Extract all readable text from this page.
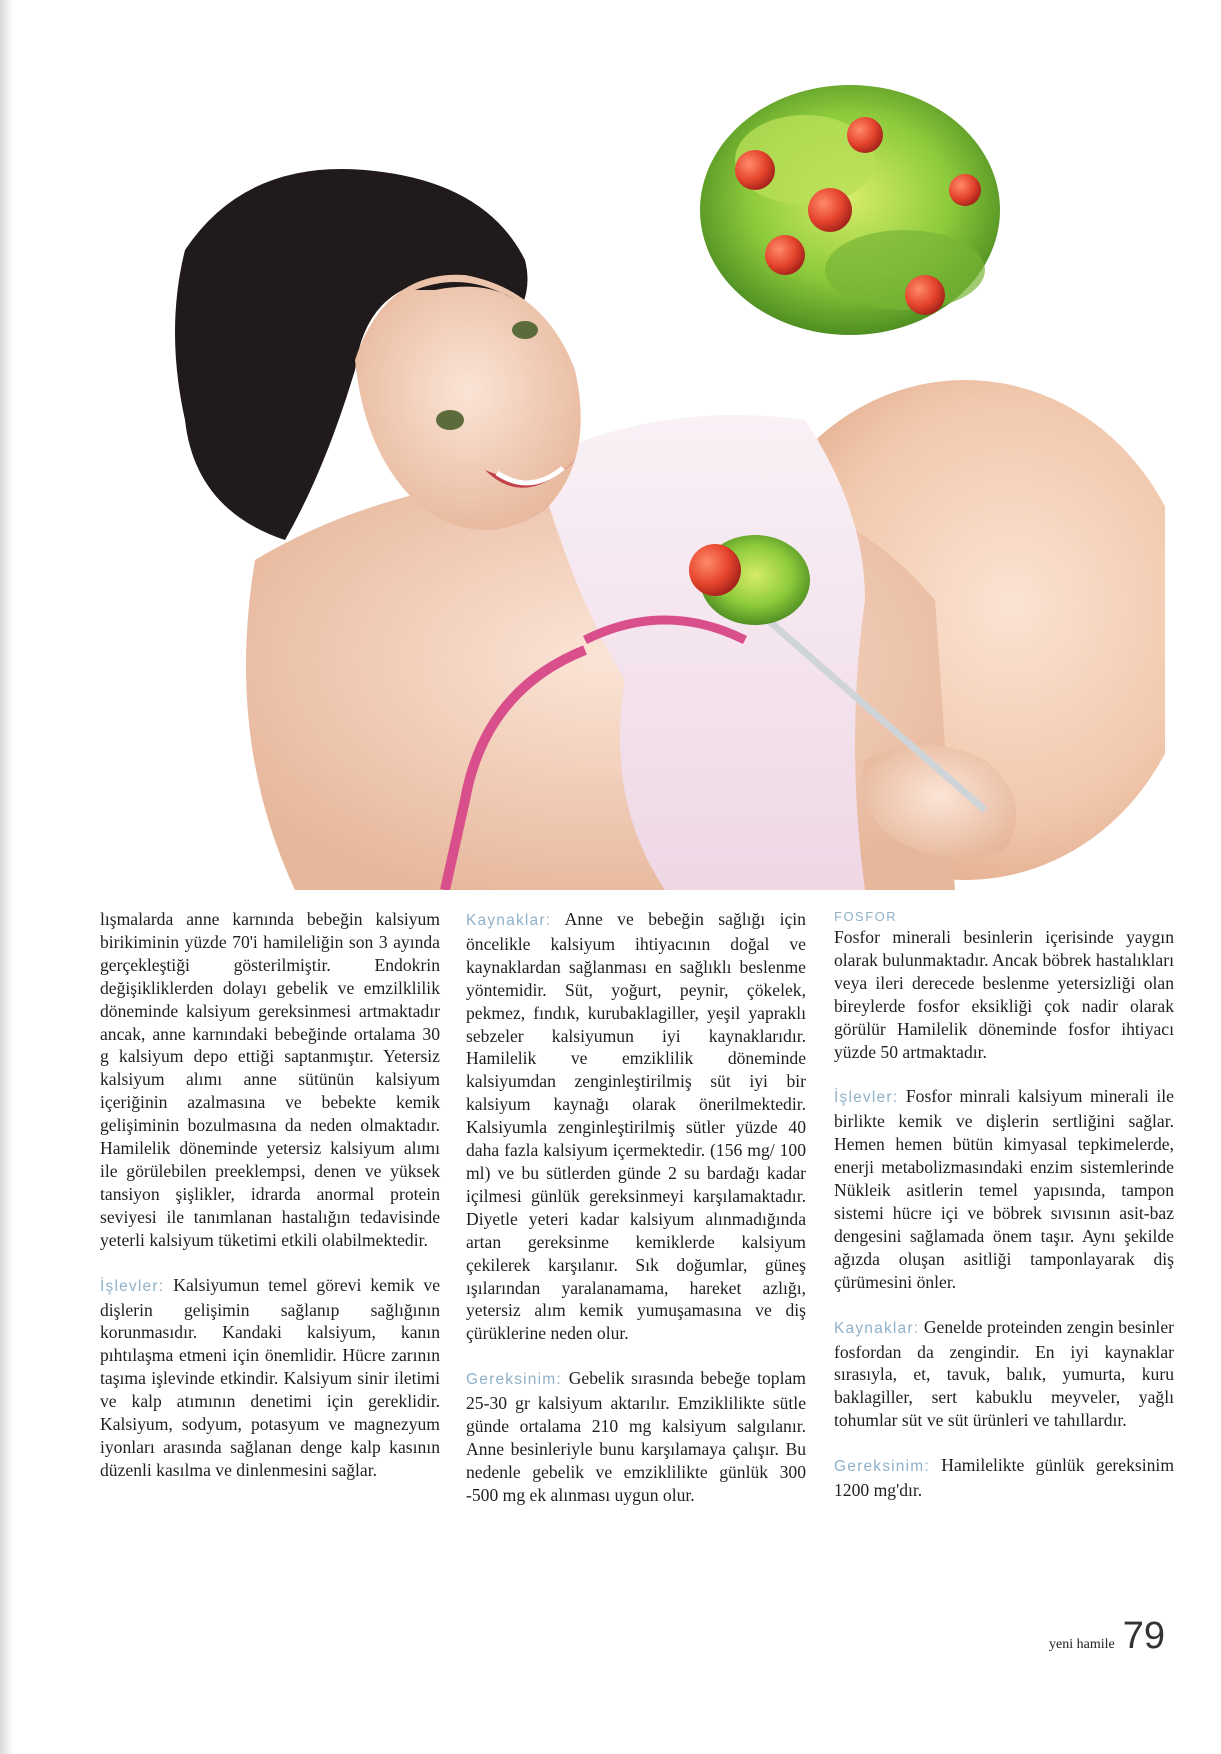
lışmalarda anne karnında bebeğin kalsiyum birikiminin yüzde 70'i hamileliğin son 3 ayında gerçekleştiği gösterilmiştir. Endokrin değişikliklerden dolayı gebelik ve emzilklilik döneminde kalsiyum gereksinmesi artmaktadır ancak, anne karnındaki bebeğinde ortalama 30 g kalsiyum depo ettiği saptanmıştır. Yetersiz kalsiyum alımı anne sütünün kalsiyum içeriğinin azalmasına ve bebekte kemik gelişiminin bozulmasına da neden olmaktadır. Hamilelik döneminde yetersiz kalsiyum alımı ile görülebilen preeklempsi, denen ve yüksek tansiyon şişlikler, idrarda anormal protein seviyesi ile tanımlanan hastalığın tedavisinde yeterli kalsiyum tüketimi etkili olabilmektedir.

İşlevler: Kalsiyumun temel görevi kemik ve dişlerin gelişimin sağlanıp sağlığının korunmasıdır. Kandaki kalsiyum, kanın pıhtılaşma etmeni için önemlidir. Hücre zarının taşıma işlevinde etkindir. Kalsiyum sinir iletimi ve kalp atımının denetimi için gereklidir. Kalsiyum, sodyum, potasyum ve magnezyum iyonları arasında sağlanan denge kalp kasının düzenli kasılma ve dinlenmesini sağlar.

Kaynaklar: Anne ve bebeğin sağlığı için öncelikle kalsiyum ihtiyacının doğal ve kaynaklardan sağlanması en sağlıklı beslenme yöntemidir. Süt, yoğurt, peynir, çökelek, pekmez, fındık, kurubaklagiller, yeşil yapraklı sebzeler kalsiyumun iyi kaynaklarıdır. Hamilelik ve emziklilik döneminde kalsiyumdan zenginleştirilmiş süt iyi bir kalsiyum kaynağı olarak önerilmektedir. Kalsiyumla zenginleştirilmiş sütler yüzde 40 daha fazla kalsiyum içermektedir. (156 mg/ 100 ml) ve bu sütlerden günde 2 su bardağı kadar içilmesi günlük gereksinmeyi karşılamaktadır. Diyetle yeteri kadar kalsiyum alınmadığında artan gereksinme kemiklerde kalsiyum çekilerek karşılanır. Sık doğumlar, güneş ışılarından yaralanamama, hareket azlığı, yetersiz alım kemik yumuşamasına ve diş çürüklerine neden olur.

Gereksinim: Gebelik sırasında bebeğe toplam 25-30 gr kalsiyum aktarılır. Emziklilikte sütle günde ortalama 210 mg kalsiyum salgılanır. Anne besinleriyle bunu karşılamaya çalışır. Bu nedenle gebelik ve emziklilikte günlük 300 -500 mg ek alınması uygun olur.

FOSFOR
Fosfor minerali besinlerin içerisinde yaygın olarak bulunmaktadır. Ancak böbrek hastalıkları veya ileri derecede beslenme yetersizliği olan bireylerde fosfor eksikliği çok nadir olarak görülür Hamilelik döneminde fosfor ihtiyacı yüzde 50 artmaktadır.

İşlevler: Fosfor minrali kalsiyum minerali ile birlikte kemik ve dişlerin sertliğini sağlar. Hemen hemen bütün kimyasal tepkimelerde, enerji metabolizmasındaki enzim sistemlerinde Nükleik asitlerin temel yapısında, tampon sistemi hücre içi ve böbrek sıvısının asit-baz dengesini sağlamada önem taşır. Aynı şekilde ağızda oluşan asitliği tamponlayarak diş çürümesini önler.

Kaynaklar: Genelde proteinden zengin besinler fosfordan da zengindir. En iyi kaynaklar sırasıyla, et, tavuk, balık, yumurta, kuru baklagiller, sert kabuklu meyveler, yağlı tohumlar süt ve süt ürünleri ve tahıllardır.

Gereksinim: Hamilelikte günlük gereksinim 1200 mg'dır.

yeni hamile 79
